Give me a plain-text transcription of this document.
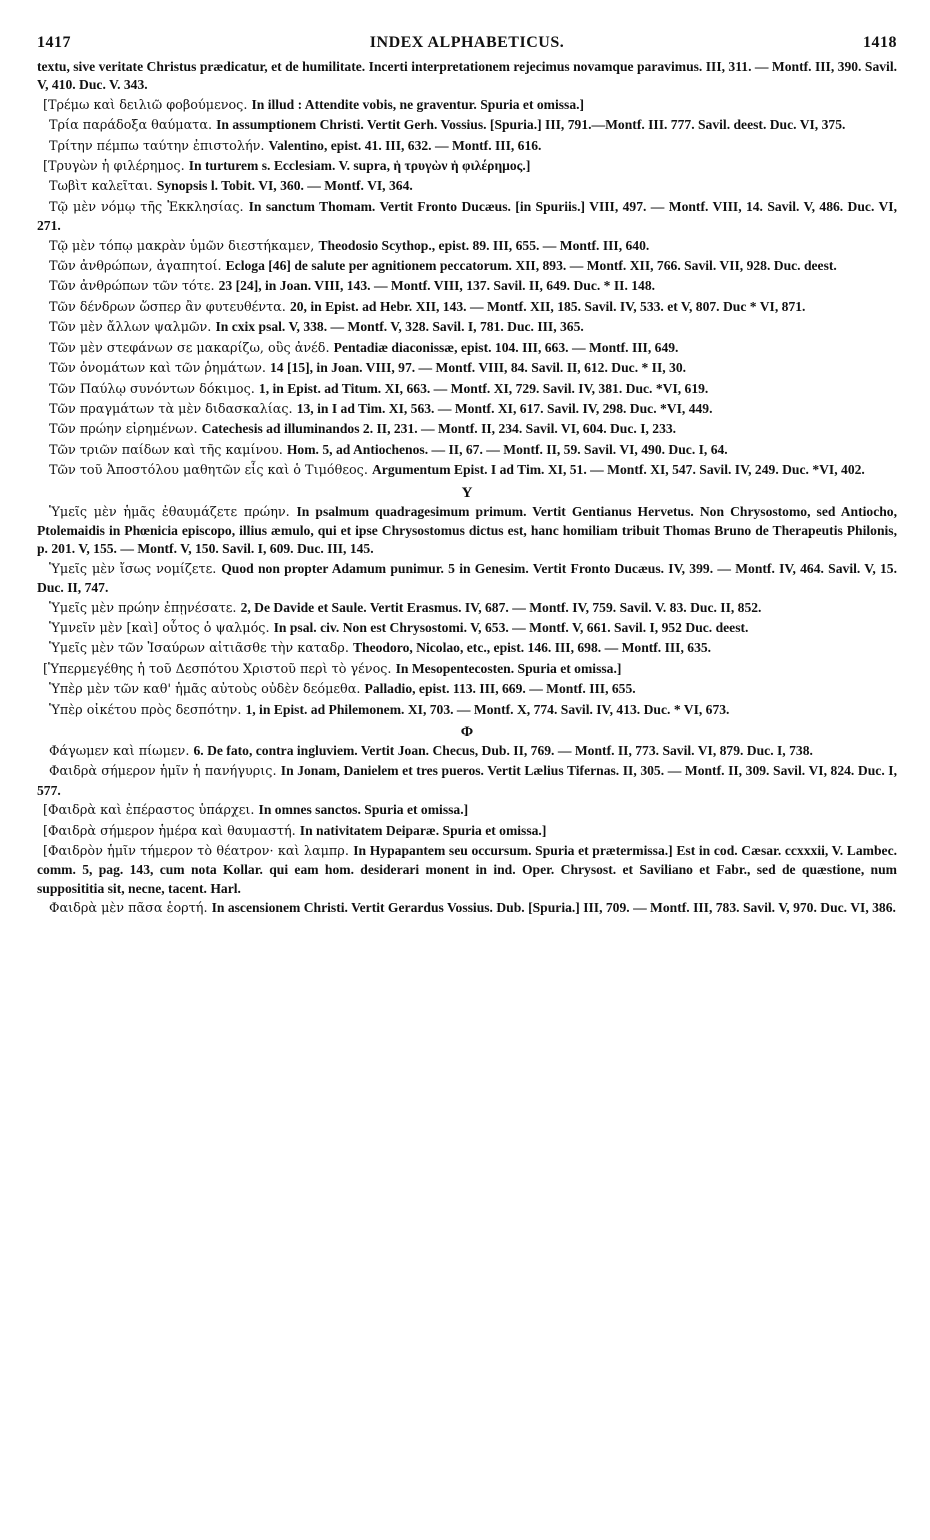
1417	INDEX ALPHABETICUS.	1418
textu, sive veritate Christus prædicatur, et de humilitate. Incerti interpretationem rejecimus novamque paravimus. III, 311. — Montf. III, 390. Savil. V, 410. Duc. V. 343.
[Τρέμω καὶ δειλιῶ φοβούμενος. In illud : Attendite vobis, ne graventur. Spuria et omissa.]
Τρία παράδοξα θαύματα. In assumptionem Christi. Vertit Gerh. Vossius. [Spuria.] III, 791.—Montf. III. 777. Savil. deest. Duc. VI, 375.
Τρίτην πέμπω ταύτην ἐπιστολήν. Valentino, epist. 41. III, 632. — Montf. III, 616.
[Τρυγὼν ἡ φιλέρημος. In turturem s. Ecclesiam. V. supra, ἡ τρυγὼν ἡ φιλέρημος.]
Τωβὶτ καλεῖται. Synopsis l. Tobit. VI, 360. — Montf. VI, 364.
Τῷ μὲν νόμῳ τῆς Ἐκκλησίας. In sanctum Thomam. Vertit Fronto Ducæus. [in Spuriis.] VIII, 497. — Montf. VIII, 14. Savil. V, 486. Duc. VI, 271.
Τῷ μὲν τόπῳ μακρὰν ὑμῶν διεστήκαμεν, Theodosio Scythop., epist. 89. III, 655. — Montf. III, 640.
Τῶν ἀνθρώπων, ἀγαπητοί. Ecloga [46] de salute per agnitionem peccatorum. XII, 893. — Montf. XII, 766. Savil. VII, 928. Duc. deest.
Τῶν ἀνθρώπων τῶν τότε. 23 [24], in Joan. VIII, 143. — Montf. VIII, 137. Savil. II, 649. Duc. * II. 148.
Τῶν δένδρων ὥσπερ ἂν φυτευθέντα. 20, in Epist. ad Hebr. XII, 143. — Montf. XII, 185. Savil. IV, 533. et V, 807. Duc * VI, 871.
Τῶν μὲν ἄλλων ψαλμῶν. In cxix psal. V, 338. — Montf. V, 328. Savil. I, 781. Duc. III, 365.
Τῶν μὲν στεφάνων σε μακαρίζω, οὓς ἀνέδ. Pentadiæ diaconissæ, epist. 104. III, 663. — Montf. III, 649.
Τῶν ὀνομάτων καὶ τῶν ῥημάτων. 14 [15], in Joan. VIII, 97. — Montf. VIII, 84. Savil. II, 612. Duc. * II, 30.
Τῶν Παύλῳ συνόντων δόκιμος. 1, in Epist. ad Titum. XI, 663. — Montf. XI, 729. Savil. IV, 381. Duc. *VI, 619.
Τῶν πραγμάτων τὰ μὲν διδασκαλίας. 13, in I ad Tim. XI, 563. — Montf. XI, 617. Savil. IV, 298. Duc. *VI, 449.
Τῶν πρώην εἰρημένων. Catechesis ad illuminandos 2. II, 231. — Montf. II, 234. Savil. VI, 604. Duc. I, 233.
Τῶν τριῶν παίδων καὶ τῆς καμίνου. Hom. 5, ad Antiochenos. — II, 67. — Montf. II, 59. Savil. VI, 490. Duc. I, 64.
Τῶν τοῦ Ἀποστόλου μαθητῶν εἷς καὶ ὁ Τιμόθεος. Argumentum Epist. I ad Tim. XI, 51. — Montf. XI, 547. Savil. IV, 249. Duc. *VI, 402.
Υ
Ὑμεῖς μὲν ἡμᾶς ἐθαυμάζετε πρώην. In psalmum quadragesimum primum. Vertit Gentianus Hervetus. Non Chrysostomo, sed Antiocho, Ptolemaidis in Phœnicia episcopo, illius æmulo, qui et ipse Chrysostomus dictus est, hanc homiliam tribuit Thomas Bruno de Therapeutis Philonis, p. 201. V, 155. — Montf. V, 150. Savil. I, 609. Duc. III, 145.
Ὑμεῖς μὲν ἴσως νομίζετε. Quod non propter Adamum punimur. 5 in Genesim. Vertit Fronto Ducæus. IV, 399. — Montf. IV, 464. Savil. V, 15. Duc. II, 747.
Ὑμεῖς μὲν πρώην ἐπῃνέσατε. 2, De Davide et Saule. Vertit Erasmus. IV, 687. — Montf. IV, 759. Savil. V. 83. Duc. II, 852.
Ὑμνεῖν μὲν [καὶ] οὗτος ὁ ψαλμός. In psal. civ. Non est Chrysostomi. V, 653. — Montf. V, 661. Savil. I, 952 Duc. deest.
Ὑμεῖς μὲν τῶν Ἰσαύρων αἰτιᾶσθε τὴν καταδρ. Theodoro, Nicolao, etc., epist. 146. III, 698. — Montf. III, 635.
[Ὑπερμεγέθης ἡ τοῦ Δεσπότου Χριστοῦ περὶ τὸ γένος. In Mesopentecosten. Spuria et omissa.]
Ὑπὲρ μὲν τῶν καθ' ἡμᾶς αὐτοὺς οὐδὲν δεόμεθα. Palladio, epist. 113. III, 669. — Montf. III, 655.
Ὑπὲρ οἰκέτου πρὸς δεσπότην. 1, in Epist. ad Philemonem. XI, 703. — Montf. X, 774. Savil. IV, 413. Duc. * VI, 673.
Φ
Φάγωμεν καὶ πίωμεν. 6. De fato, contra ingluviem. Vertit Joan. Checus, Dub. II, 769. — Montf. II, 773. Savil. VI, 879. Duc. I, 738.
Φαιδρὰ σήμερον ἡμῖν ἡ πανήγυρις. In Jonam, Danielem et tres pueros. Vertit Lælius Tifernas. II, 305. — Montf. II, 309. Savil. VI, 824. Duc. I, 577.
[Φαιδρὰ καὶ ἐπέραστος ὑπάρχει. In omnes sanctos. Spuria et omissa.]
[Φαιδρὰ σήμερον ἡμέρα καὶ θαυμαστή. In nativitatem Deiparæ. Spuria et omissa.]
[Φαιδρὸν ἡμῖν τήμερον τὸ θέατρον· καὶ λαμπρ. In Hypapantem seu occursum. Spuria et prætermissa.] Est in cod. Cæsar. ccxxxii, V. Lambec. comm. 5, pag. 143, cum nota Kollar. qui eam hom. desiderari monent in ind. Oper. Chrysost. et Saviliano et Fabr., sed de quæstione, num supposititia sit, necne, tacent. Harl.
Φαιδρὰ μὲν πᾶσα ἑορτή. In ascensionem Christi. Vertit Gerardus Vossius. Dub. [Spuria.] III, 709. — Montf. III, 783. Savil. V, 970. Duc. VI, 386.
